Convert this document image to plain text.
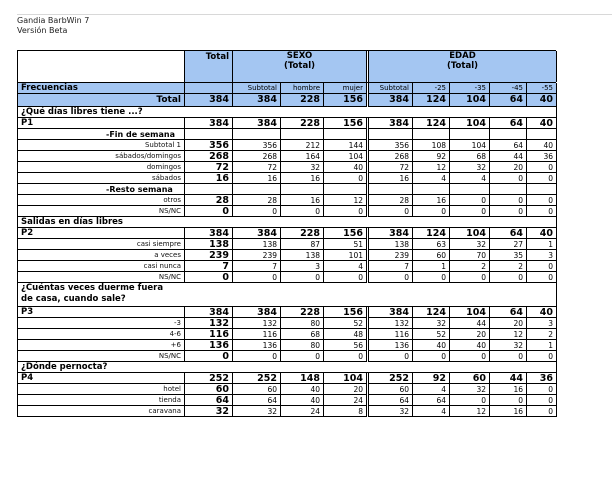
Gandia BarbWin 7
Versión Beta
Total	SEXO
(Total)
EDAD
(Total)
Frecuencias	Subtotal	hombre	mujer	Subtotal	-25	-35	-45	-55
Total	384	384	228	156	384	124	104	64	40
¿Qué días libres tiene ...?
P1	384	384	228	156	384	124	104	64	40
-Fin de semana
Subtotal 1	356	356	212	144	356	108	104	64	40
sábados/domingos	268	268	164	104	268	92	68	44	36
domingos	72	72	32	40	72	12	32	20	0
sábados	16	16	16	0	16	4	4	0	0
-Resto semana
otros	28	28	16	12	28	16	0	0	0
NS/NC	0	0	0	0	0	0	0	0	0
Salidas en días libres
P2	384	384	228	156	384	124	104	64	40
casi siempre	138	138	87	51	138	63	32	27	1
a veces	239	239	138	101	239	60	70	35	3
casi nunca	7	7	3	4	7	1	2	2	0
NS/NC	0	0	0	0	0	0	0	0	0
¿Cuéntas veces duerme fuera
de casa, cuando sale?
P3	384	384	228	156	384	124	104	64	40
-3	132	132	80	52	132	32	44	20	3
4-6	116	116	68	48	116	52	20	12	2
+6	136	136	80	56	136	40	40	32	1
NS/NC	0	0	0	0	0	0	0	0	0
¿Dónde pernocta?
P4	252	252	148	104	252	92	60	44	36
hotel	60	60	40	20	60	4	32	16	0
tienda	64	64	40	24	64	64	0	0	0
caravana	32	32	24	8	32	4	12	16	0
